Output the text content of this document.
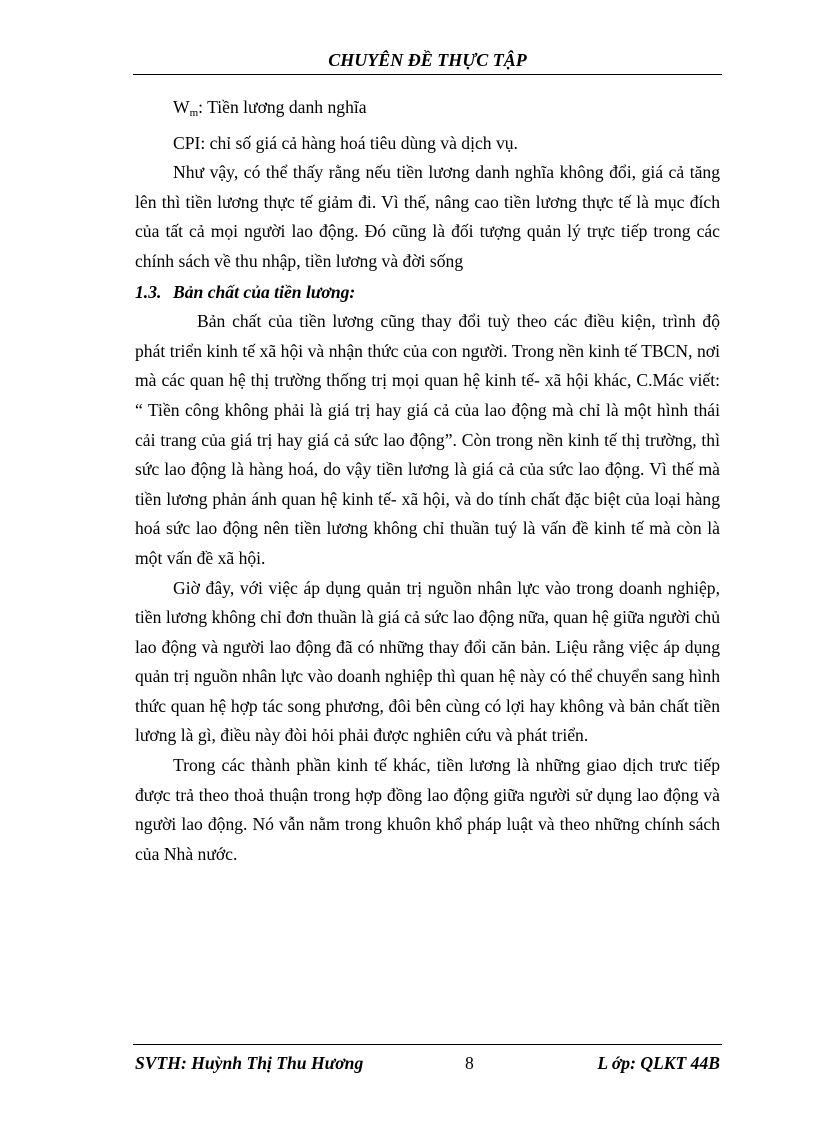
CHUYÊN ĐỀ THỰC TẬP

$W_m$: Tiền lương danh nghĩa

CPI: chỉ số giá cả hàng hoá tiêu dùng và dịch vụ.

Như vậy, có thể thấy rằng nếu tiền lương danh nghĩa không đổi, giá cả tăng lên thì tiền lương thực tế giảm đi. Vì thế, nâng cao tiền lương thực tế là mục đích của tất cả mọi người lao động. Đó cũng là đối tượng quản lý trực tiếp trong các chính sách về thu nhập, tiền lương và đời sống

1.3. Bản chất của tiền lương:

Bản chất của tiền lương cũng thay đổi tuỳ theo các điều kiện, trình độ phát triển kinh tế xã hội và nhận thức của con người. Trong nền kinh tế TBCN, nơi mà các quan hệ thị trường thống trị mọi quan hệ kinh tế- xã hội khác, C.Mác viết: “ Tiền công không phải là giá trị hay giá cả của lao động mà chỉ là một hình thái cải trang của giá trị hay giá cả sức lao động”. Còn trong nền kinh tế thị trường, thì sức lao động là hàng hoá, do vậy tiền lương là giá cả của sức lao động. Vì thế mà tiền lương phản ánh quan hệ kinh tế- xã hội, và do tính chất đặc biệt của loại hàng hoá sức lao động nên tiền lương không chỉ thuần tuý là vấn đề kinh tế mà còn là một vấn đề xã hội.

Giờ đây, với việc áp dụng quản trị nguồn nhân lực vào trong doanh nghiệp, tiền lương không chỉ đơn thuần là giá cả sức lao động nữa, quan hệ giữa người chủ lao động và người lao động đã có những thay đổi căn bản. Liệu rằng việc áp dụng quản trị nguồn nhân lực vào doanh nghiệp thì quan hệ này có thể chuyển sang hình thức quan hệ hợp tác song phương, đôi bên cùng có lợi hay không và bản chất tiền lương là gì, điều này đòi hỏi phải được nghiên cứu và phát triển.

Trong các thành phần kinh tế khác, tiền lương là những giao dịch trưc tiếp được trả theo thoả thuận trong hợp đồng lao động giữa người sử dụng lao động và người lao động. Nó vẫn nằm trong khuôn khổ pháp luật và theo những chính sách của Nhà nước.

SVTH: Huỳnh Thị Thu Hương	8	L ớp: QLKT 44B
